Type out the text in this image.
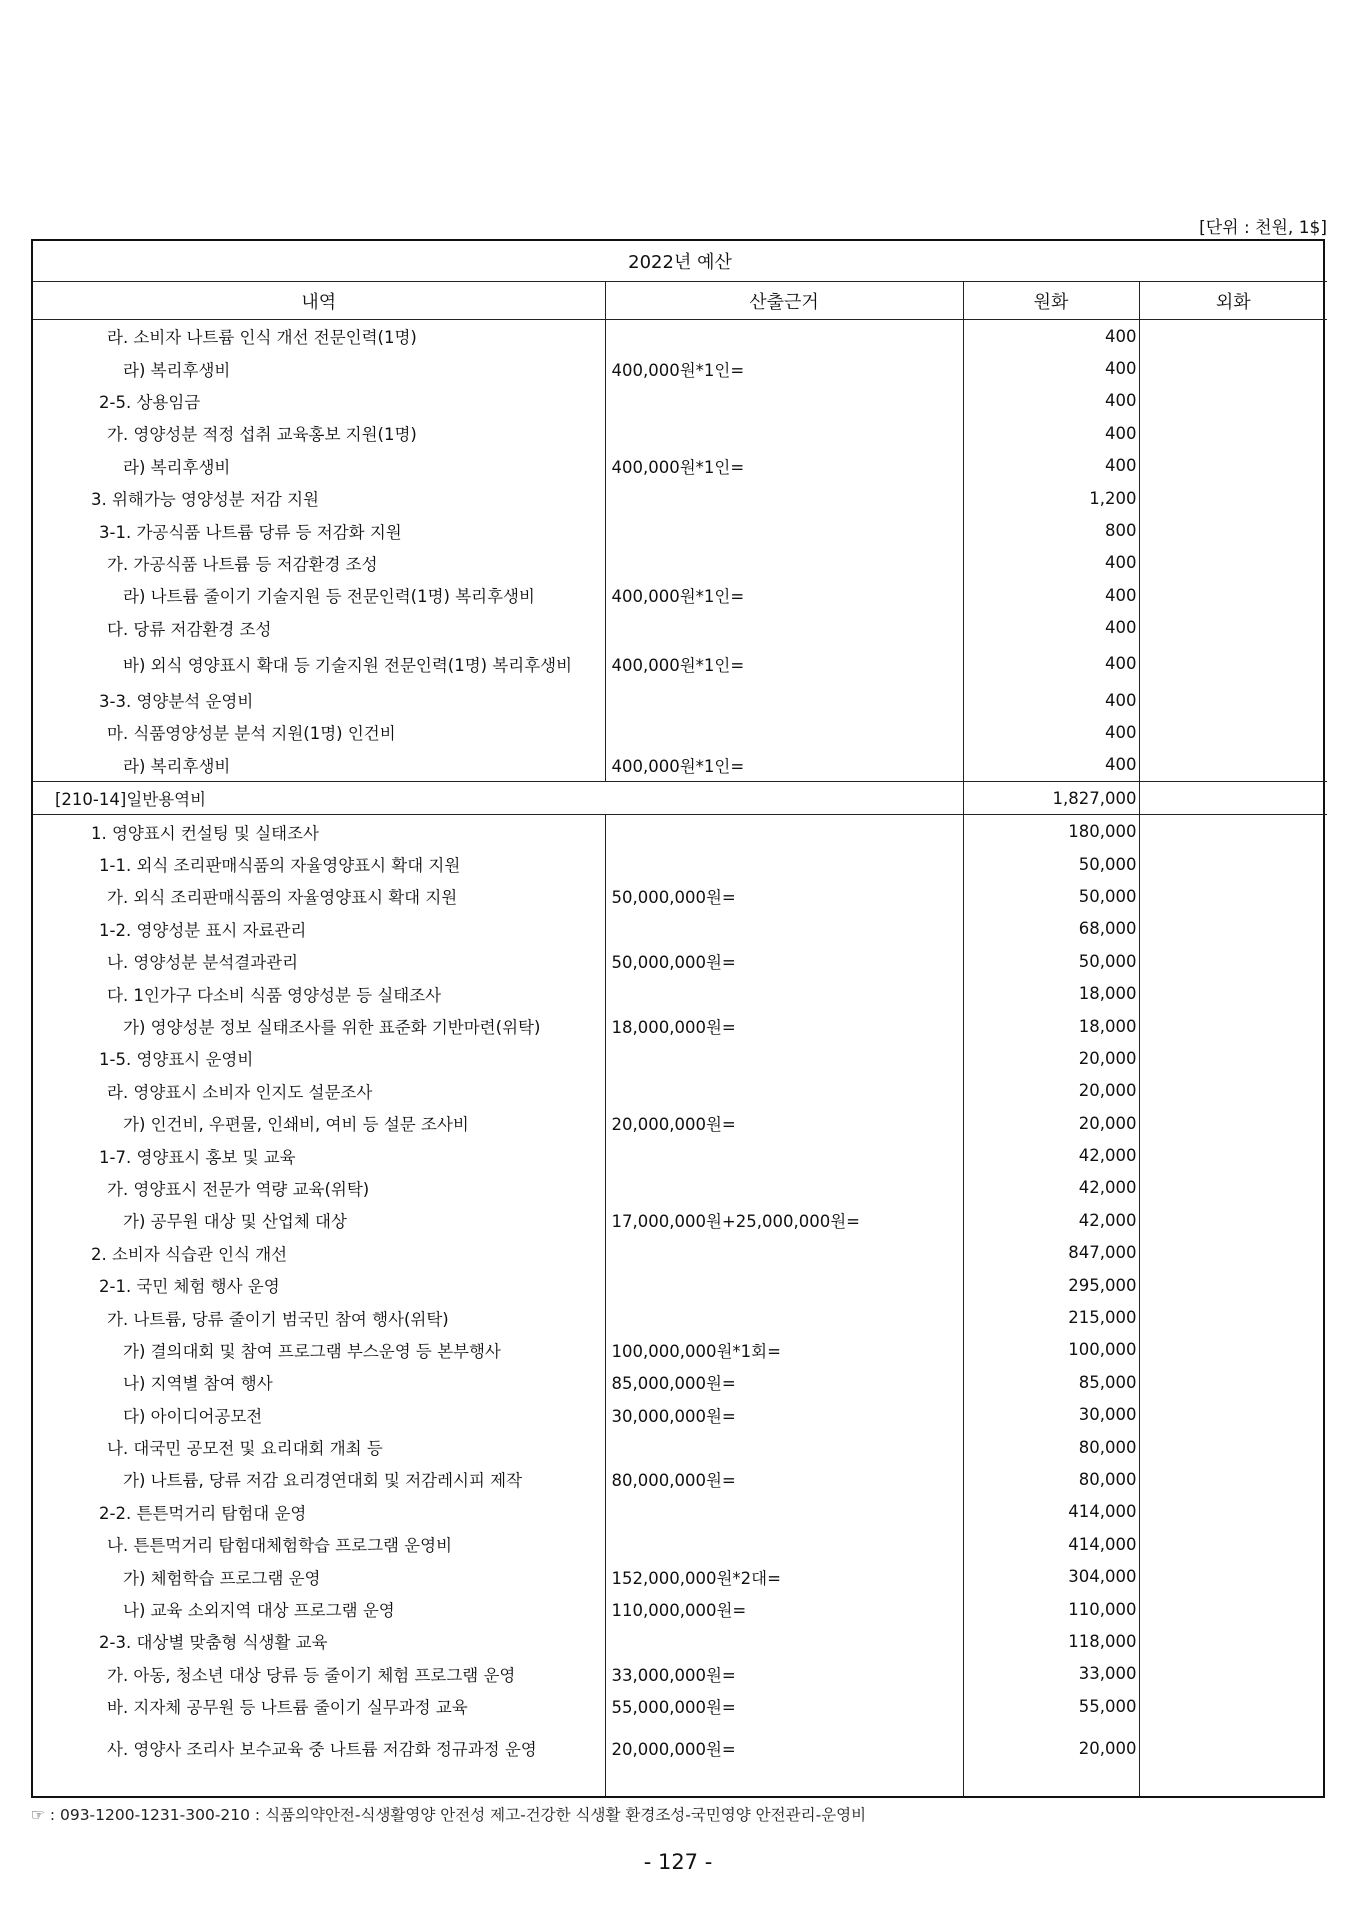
[단위 : 천원, 1$]
2022년 예산			
내역	산출근거	원화	외화
라. 소비자 나트륨 인식 개선 전문인력(1명)		400	
라) 복리후생비	400,000원*1인=	400	
2-5. 상용임금		400	
가. 영양성분 적정 섭취 교육홍보 지원(1명)		400	
라) 복리후생비	400,000원*1인=	400	
3. 위해가능 영양성분 저감 지원		1,200	
3-1. 가공식품 나트륨 당류 등 저감화 지원		800	
가. 가공식품 나트륨 등 저감환경 조성		400	
라) 나트륨 줄이기 기술지원 등 전문인력(1명) 복리후생비	400,000원*1인=	400	
다. 당류 저감환경 조성		400	
바) 외식 영양표시 확대 등 기술지원 전문인력(1명) 복리후생비	400,000원*1인=	400	
3-3. 영양분석 운영비		400	
마. 식품영양성분 분석 지원(1명) 인건비		400	
라) 복리후생비	400,000원*1인=	400	
[210-14]일반용역비		1,827,000	
1. 영양표시 컨설팅 및 실태조사		180,000	
1-1. 외식 조리판매식품의 자율영양표시 확대 지원		50,000	
가. 외식 조리판매식품의 자율영양표시 확대 지원	50,000,000원=	50,000	
1-2. 영양성분 표시 자료관리		68,000	
나. 영양성분 분석결과관리	50,000,000원=	50,000	
다. 1인가구 다소비 식품 영양성분 등 실태조사		18,000	
가) 영양성분 정보 실태조사를 위한 표준화 기반마련(위탁)	18,000,000원=	18,000	
1-5. 영양표시 운영비		20,000	
라. 영양표시 소비자 인지도 설문조사		20,000	
가) 인건비, 우편물, 인쇄비, 여비 등 설문 조사비	20,000,000원=	20,000	
1-7. 영양표시 홍보 및 교육		42,000	
가. 영양표시 전문가 역량 교육(위탁)		42,000	
가) 공무원 대상 및 산업체 대상	17,000,000원+25,000,000원=	42,000	
2. 소비자 식습관 인식 개선		847,000	
2-1. 국민 체험 행사 운영		295,000	
가. 나트륨, 당류 줄이기 범국민 참여 행사(위탁)		215,000	
가) 결의대회 및 참여 프로그램 부스운영 등 본부행사	100,000,000원*1회=	100,000	
나) 지역별 참여 행사	85,000,000원=	85,000	
다) 아이디어공모전	30,000,000원=	30,000	
나. 대국민 공모전 및 요리대회 개최 등		80,000	
가) 나트륨, 당류 저감 요리경연대회 및 저감레시피 제작	80,000,000원=	80,000	
2-2. 튼튼먹거리 탐험대 운영		414,000	
나. 튼튼먹거리 탐험대체험학습 프로그램 운영비		414,000	
가) 체험학습 프로그램 운영	152,000,000원*2대=	304,000	
나) 교육 소외지역 대상 프로그램 운영	110,000,000원=	110,000	
2-3. 대상별 맞춤형 식생활 교육		118,000	
가. 아동, 청소년 대상 당류 등 줄이기 체험 프로그램 운영	33,000,000원=	33,000	
바. 지자체 공무원 등 나트륨 줄이기 실무과정 교육	55,000,000원=	55,000	
사. 영양사 조리사 보수교육 중 나트륨 저감화 정규과정 운영	20,000,000원=	20,000	

☞ : 093-1200-1231-300-210 : 식품의약안전-식생활영양 안전성 제고-건강한 식생활 환경조성-국민영양 안전관리-운영비
- 127 -
